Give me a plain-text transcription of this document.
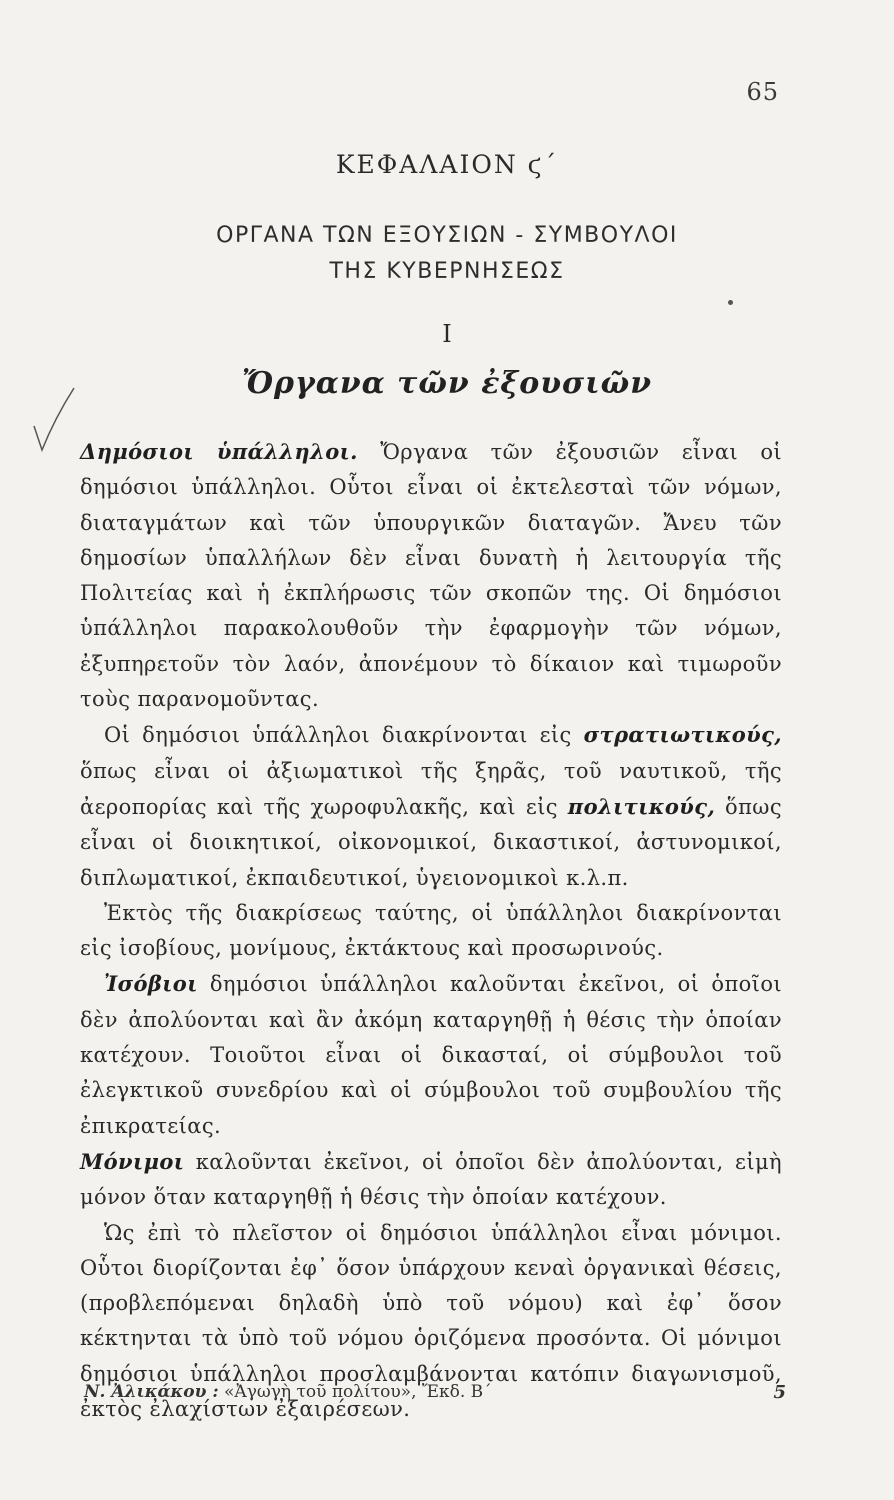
65
ΚΕΦΑΛΑΙΟΝ ϛ΄
ΟΡΓΑΝΑ ΤΩΝ ΕΞΟΥΣΙΩΝ - ΣΥΜΒΟΥΛΟΙ
ΤΗΣ ΚΥΒΕΡΝΗΣΕΩΣ
Ι
Ὄργανα τῶν ἐξουσιῶν

Δημόσιοι ὑπάλληλοι. Ὄργανα τῶν ἐξουσιῶν εἶναι οἱ δημόσιοι ὑπάλληλοι. Οὗτοι εἶναι οἱ ἐκτελεσταὶ τῶν νόμων, διαταγμάτων καὶ τῶν ὑπουργικῶν διαταγῶν. Ἄνευ τῶν δημοσίων ὑπαλλήλων δὲν εἶναι δυνατὴ ἡ λειτουργία τῆς Πολιτείας καὶ ἡ ἐκπλήρωσις τῶν σκοπῶν της. Οἱ δημόσιοι ὑπάλληλοι παρακολουθοῦν τὴν ἐφαρμογὴν τῶν νόμων, ἐξυπηρετοῦν τὸν λαόν, ἀπονέμουν τὸ δίκαιον καὶ τιμωροῦν τοὺς παρανομοῦντας.

Οἱ δημόσιοι ὑπάλληλοι διακρίνονται εἰς στρατιωτικούς, ὅπως εἶναι οἱ ἀξιωματικοὶ τῆς ξηρᾶς, τοῦ ναυτικοῦ, τῆς ἀεροπορίας καὶ τῆς χωροφυλακῆς, καὶ εἰς πολιτικούς, ὅπως εἶναι οἱ διοικητικοί, οἰκονομικοί, δικαστικοί, ἀστυνομικοί, διπλωματικοί, ἐκπαιδευτικοί, ὑγειονομικοὶ κ.λ.π.

Ἐκτὸς τῆς διακρίσεως ταύτης, οἱ ὑπάλληλοι διακρίνονται εἰς ἰσοβίους, μονίμους, ἐκτάκτους καὶ προσωρινούς.

Ἰσόβιοι δημόσιοι ὑπάλληλοι καλοῦνται ἐκεῖνοι, οἱ ὁποῖοι δὲν ἀπολύονται καὶ ἂν ἀκόμη καταργηθῇ ἡ θέσις τὴν ὁποίαν κατέχουν. Τοιοῦτοι εἶναι οἱ δικασταί, οἱ σύμβουλοι τοῦ ἐλεγκτικοῦ συνεδρίου καὶ οἱ σύμβουλοι τοῦ συμβουλίου τῆς ἐπικρατείας.

Μόνιμοι καλοῦνται ἐκεῖνοι, οἱ ὁποῖοι δὲν ἀπολύονται, εἰμὴ μόνον ὅταν καταργηθῇ ἡ θέσις τὴν ὁποίαν κατέχουν.

Ὡς ἐπὶ τὸ πλεῖστον οἱ δημόσιοι ὑπάλληλοι εἶναι μόνιμοι. Οὗτοι διορίζονται ἐφ᾽ ὅσον ὑπάρχουν κεναὶ ὀργανικαὶ θέσεις, (προβλεπόμεναι δηλαδὴ ὑπὸ τοῦ νόμου) καὶ ἐφ᾽ ὅσον κέκτηνται τὰ ὑπὸ τοῦ νόμου ὁριζόμενα προσόντα. Οἱ μόνιμοι δημόσιοι ὑπάλληλοι προσλαμβάνονται κατόπιν διαγωνισμοῦ, ἐκτὸς ἐλαχίστων ἐξαιρέσεων.

Ν. Ἀλικάκου : «Ἀγωγὴ τοῦ πολίτου», Ἔκδ. Β΄	5
